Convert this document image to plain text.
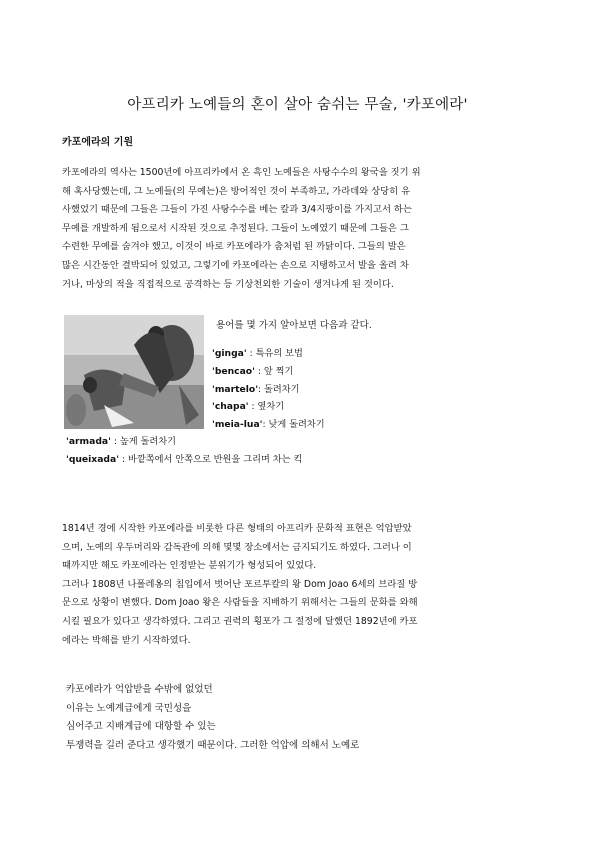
아프리카 노예들의 혼이 살아 숨쉬는 무술, '카포에라'
카포에라의 기원

카포에라의 역사는 1500년에 아프리카에서 온 흑인 노예들은 사탕수수의 왕국을 짓기 위
해 혹사당했는데, 그 노예들(의 무예는)은 방어적인 것이 부족하고, 가라데와 상당히 유
사했었기 때문에 그들은 그들이 가진 사탕수수를 베는 칼과 3/4지팡이를 가지고서 하는
무예를 개발하게 됨으로서 시작된 것으로 추정된다. 그들이 노예였기 때문에 그들은 그
수련한 무예를 숨겨야 했고, 이것이 바로 카포에라가 춤처럼 된 까닭이다. 그들의 발은
많은 시간동안 결박되어 있었고, 그렇기에 카포에라는 손으로 지탱하고서 발을 올려 차
거나, 마상의 적을 직접적으로 공격하는 등 기상천외한 기술이 생겨나게 된 것이다.

용어를 몇 가지 알아보면 다음과 같다.
'ginga' : 특유의 보법
'bencao' : 앞 찍기
'martelo': 돌려차기
'chapa' : 옆차기
'meia-lua': 낮게 돌려차기
'armada' : 높게 돌려차기
'queixada' : 바깥쪽에서 안쪽으로 반원을 그리며 차는 킥

1814년 경에 시작한 카포에라를 비롯한 다른 형태의 아프리카 문화적 표현은 억압받았
으며, 노예의 우두머리와 감독관에 의해 몇몇 장소에서는 금지되기도 하였다. 그러나 이
때까지만 해도 카포에라는 인정받는 분위기가 형성되어 있었다.
그러나 1808년 나폴레옹의 침입에서 벗어난 포르투칼의 왕 Dom Joao 6세의 브라질 방
문으로 상황이 변했다. Dom Joao 왕은 사람들을 지배하기 위해서는 그들의 문화를 와해
시킬 필요가 있다고 생각하였다. 그리고 권력의 횡포가 그 절정에 달했던 1892년에 카포
에라는 박해를 받기 시작하였다.

카포에라가 억압받을 수밖에 없었던
이유는 노예계급에게 국민성을
심어주고 지배계급에 대항할 수 있는
투쟁력을 길러 준다고 생각했기 때문이다. 그러한 억압에 의해서 노예로
